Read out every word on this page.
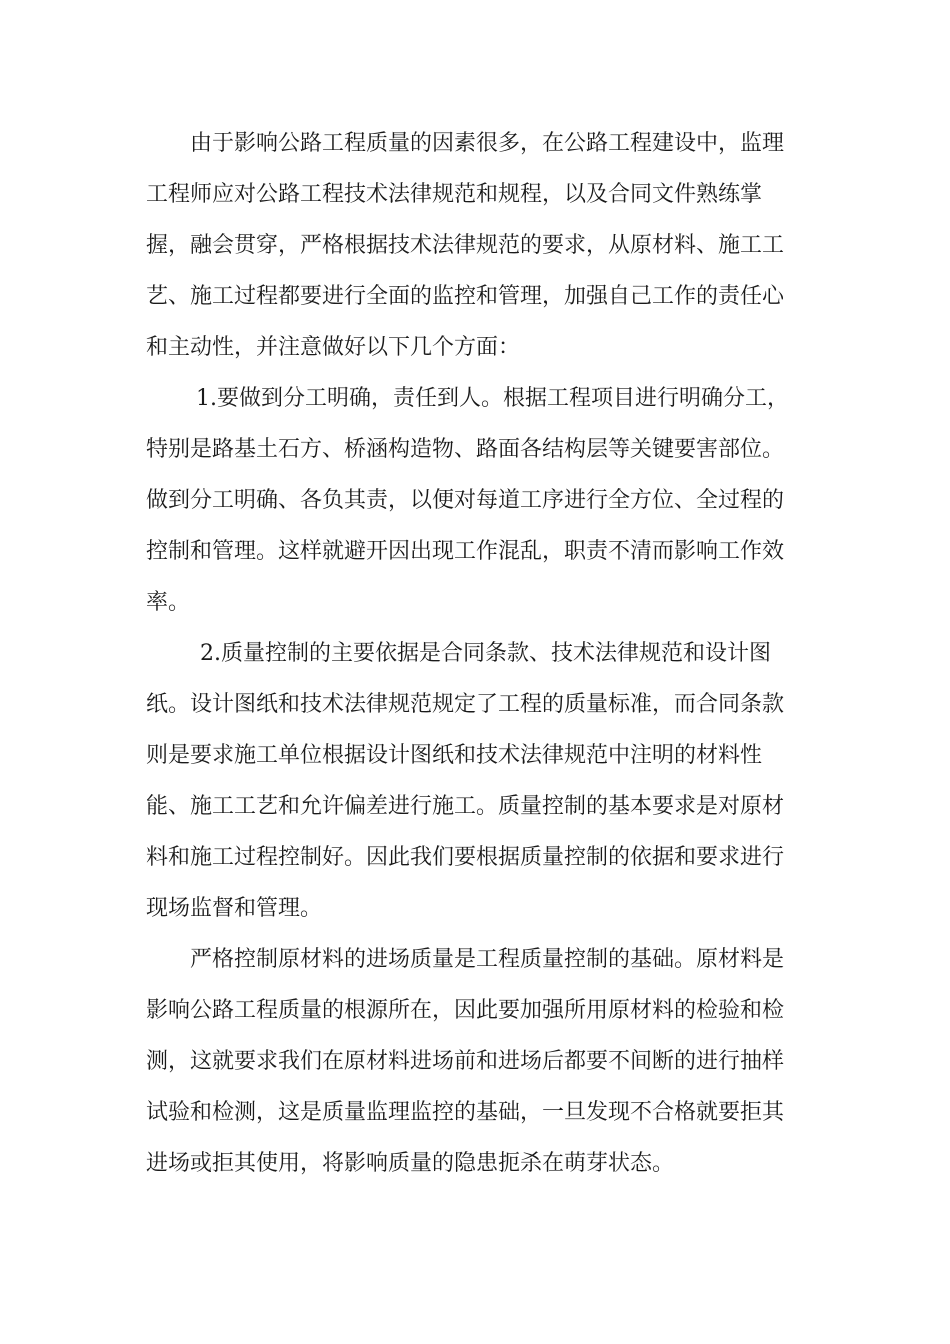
由于影响公路工程质量的因素很多，在公路工程建设中，监理
工程师应对公路工程技术法律规范和规程，以及合同文件熟练掌
握，融会贯穿，严格根据技术法律规范的要求，从原材料、施工工
艺、施工过程都要进行全面的监控和管理，加强自己工作的责任心
和主动性，并注意做好以下几个方面：
1.要做到分工明确，责任到人。根据工程项目进行明确分工，
特别是路基土石方、桥涵构造物、路面各结构层等关键要害部位。
做到分工明确、各负其责，以便对每道工序进行全方位、全过程的
控制和管理。这样就避开因出现工作混乱，职责不清而影响工作效
率。
2.质量控制的主要依据是合同条款、技术法律规范和设计图
纸。设计图纸和技术法律规范规定了工程的质量标准，而合同条款
则是要求施工单位根据设计图纸和技术法律规范中注明的材料性
能、施工工艺和允许偏差进行施工。质量控制的基本要求是对原材
料和施工过程控制好。因此我们要根据质量控制的依据和要求进行
现场监督和管理。
严格控制原材料的进场质量是工程质量控制的基础。原材料是
影响公路工程质量的根源所在，因此要加强所用原材料的检验和检
测，这就要求我们在原材料进场前和进场后都要不间断的进行抽样
试验和检测，这是质量监理监控的基础，一旦发现不合格就要拒其
进场或拒其使用，将影响质量的隐患扼杀在萌芽状态。
